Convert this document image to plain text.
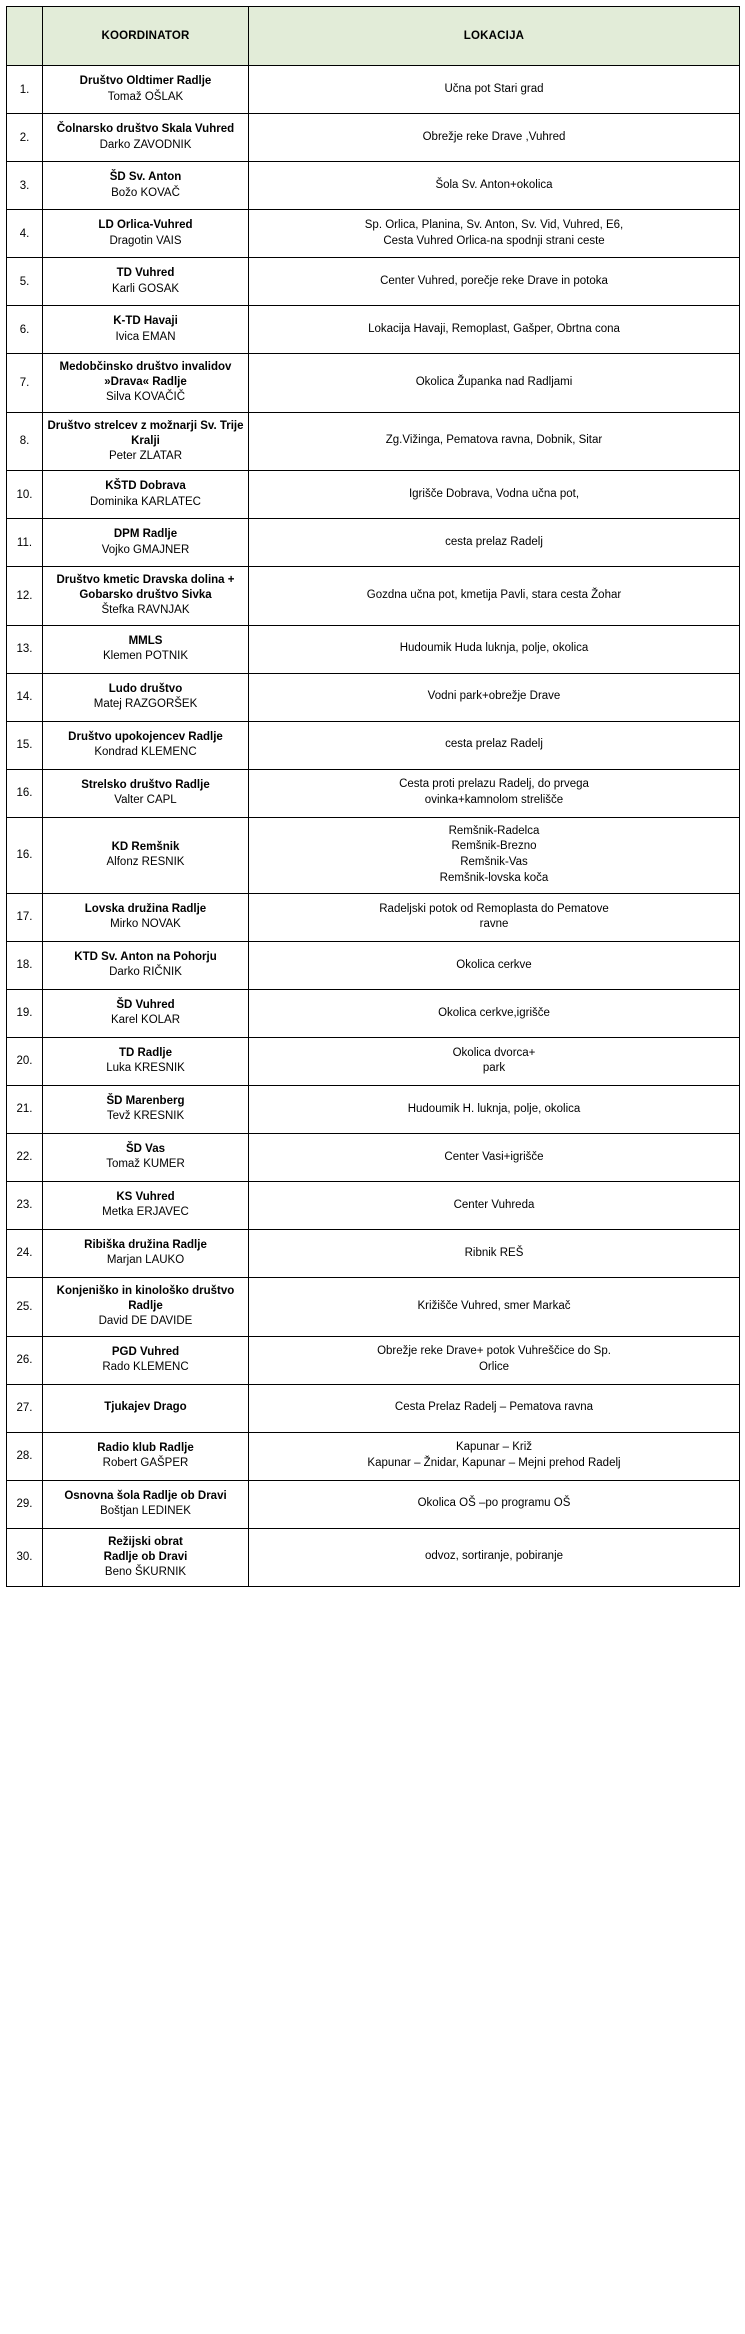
	KOORDINATOR	LOKACIJA
1.	Društvo Oldtimer Radlje
Tomaž OŠLAK	Učna pot Stari grad

2.	Čolnarsko društvo Skala Vuhred
Darko ZAVODNIK	Obrežje reke Drave ,Vuhred

3.	ŠD Sv. Anton
Božo KOVAČ	Šola Sv. Anton+okolica

4.	LD Orlica-Vuhred
Dragotin VAIS	Sp. Orlica, Planina, Sv. Anton, Sv. Vid, Vuhred, E6,
Cesta Vuhred Orlica-na spodnji strani ceste

5.	TD Vuhred
Karli GOSAK	Center Vuhred, porečje reke Drave in potoka

6.	K-TD Havaji
Ivica EMAN	Lokacija Havaji, Remoplast, Gašper, Obrtna cona

7.	Medobčinsko društvo invalidov
»Drava« Radlje
Silva KOVAČIČ	Okolica Županka nad Radljami

8.	Društvo strelcev z možnarji Sv. Trije
Kralji
Peter ZLATAR	Zg.Vižinga, Pematova ravna, Dobnik, Sitar

10.	KŠTD Dobrava
Dominika KARLATEC	Igrišče Dobrava, Vodna učna pot,

11.	DPM Radlje
Vojko GMAJNER	cesta prelaz Radelj

12.	Društvo kmetic Dravska dolina +
Gobarsko društvo Sivka
Štefka RAVNJAK	Gozdna učna pot, kmetija Pavli, stara cesta Žohar

13.	MMLS
Klemen POTNIK	Hudoumik Huda luknja, polje, okolica

14.	Ludo društvo
Matej RAZGORŠEK	Vodni park+obrežje Drave

15.	Društvo upokojencev Radlje
Kondrad KLEMENC	cesta prelaz Radelj

16.	Strelsko društvo Radlje
Valter CAPL	Cesta proti prelazu Radelj, do prvega
ovinka+kamnolom strelišče

16.	KD Remšnik
Alfonz RESNIK	Remšnik-Radelca
Remšnik-Brezno
Remšnik-Vas
Remšnik-lovska koča

17.	Lovska družina Radlje
Mirko NOVAK	Radeljski potok od Remoplasta do Pematove
ravne

18.	KTD Sv. Anton na Pohorju
Darko RIČNIK	Okolica cerkve

19.	ŠD Vuhred
Karel KOLAR	Okolica cerkve,igrišče

20.	TD Radlje
Luka KRESNIK	Okolica dvorca+
park

21.	ŠD Marenberg
Tevž KRESNIK	Hudoumik H. luknja, polje, okolica

22.	ŠD Vas
Tomaž KUMER	Center Vasi+igrišče

23.	KS Vuhred
Metka ERJAVEC	Center Vuhreda

24.	Ribiška družina Radlje
Marjan LAUKO	Ribnik REŠ

25.	Konjeniško in kinološko društvo
Radlje
David DE DAVIDE	Križišče Vuhred, smer Markač

26.	PGD Vuhred
Rado KLEMENC	Obrežje reke Drave+ potok Vuhreščice do Sp.
Orlice

27.	Tjukajev Drago	Cesta Prelaz Radelj – Pematova ravna

28.	Radio klub Radlje
Robert GAŠPER	Kapunar – Križ
Kapunar – Žnidar, Kapunar – Mejni prehod Radelj

29.	Osnovna šola Radlje ob Dravi
Boštjan LEDINEK	Okolica OŠ –po programu OŠ

30.	Režijski obrat
Radlje ob Dravi
Beno ŠKURNIK	odvoz, sortiranje, pobiranje
